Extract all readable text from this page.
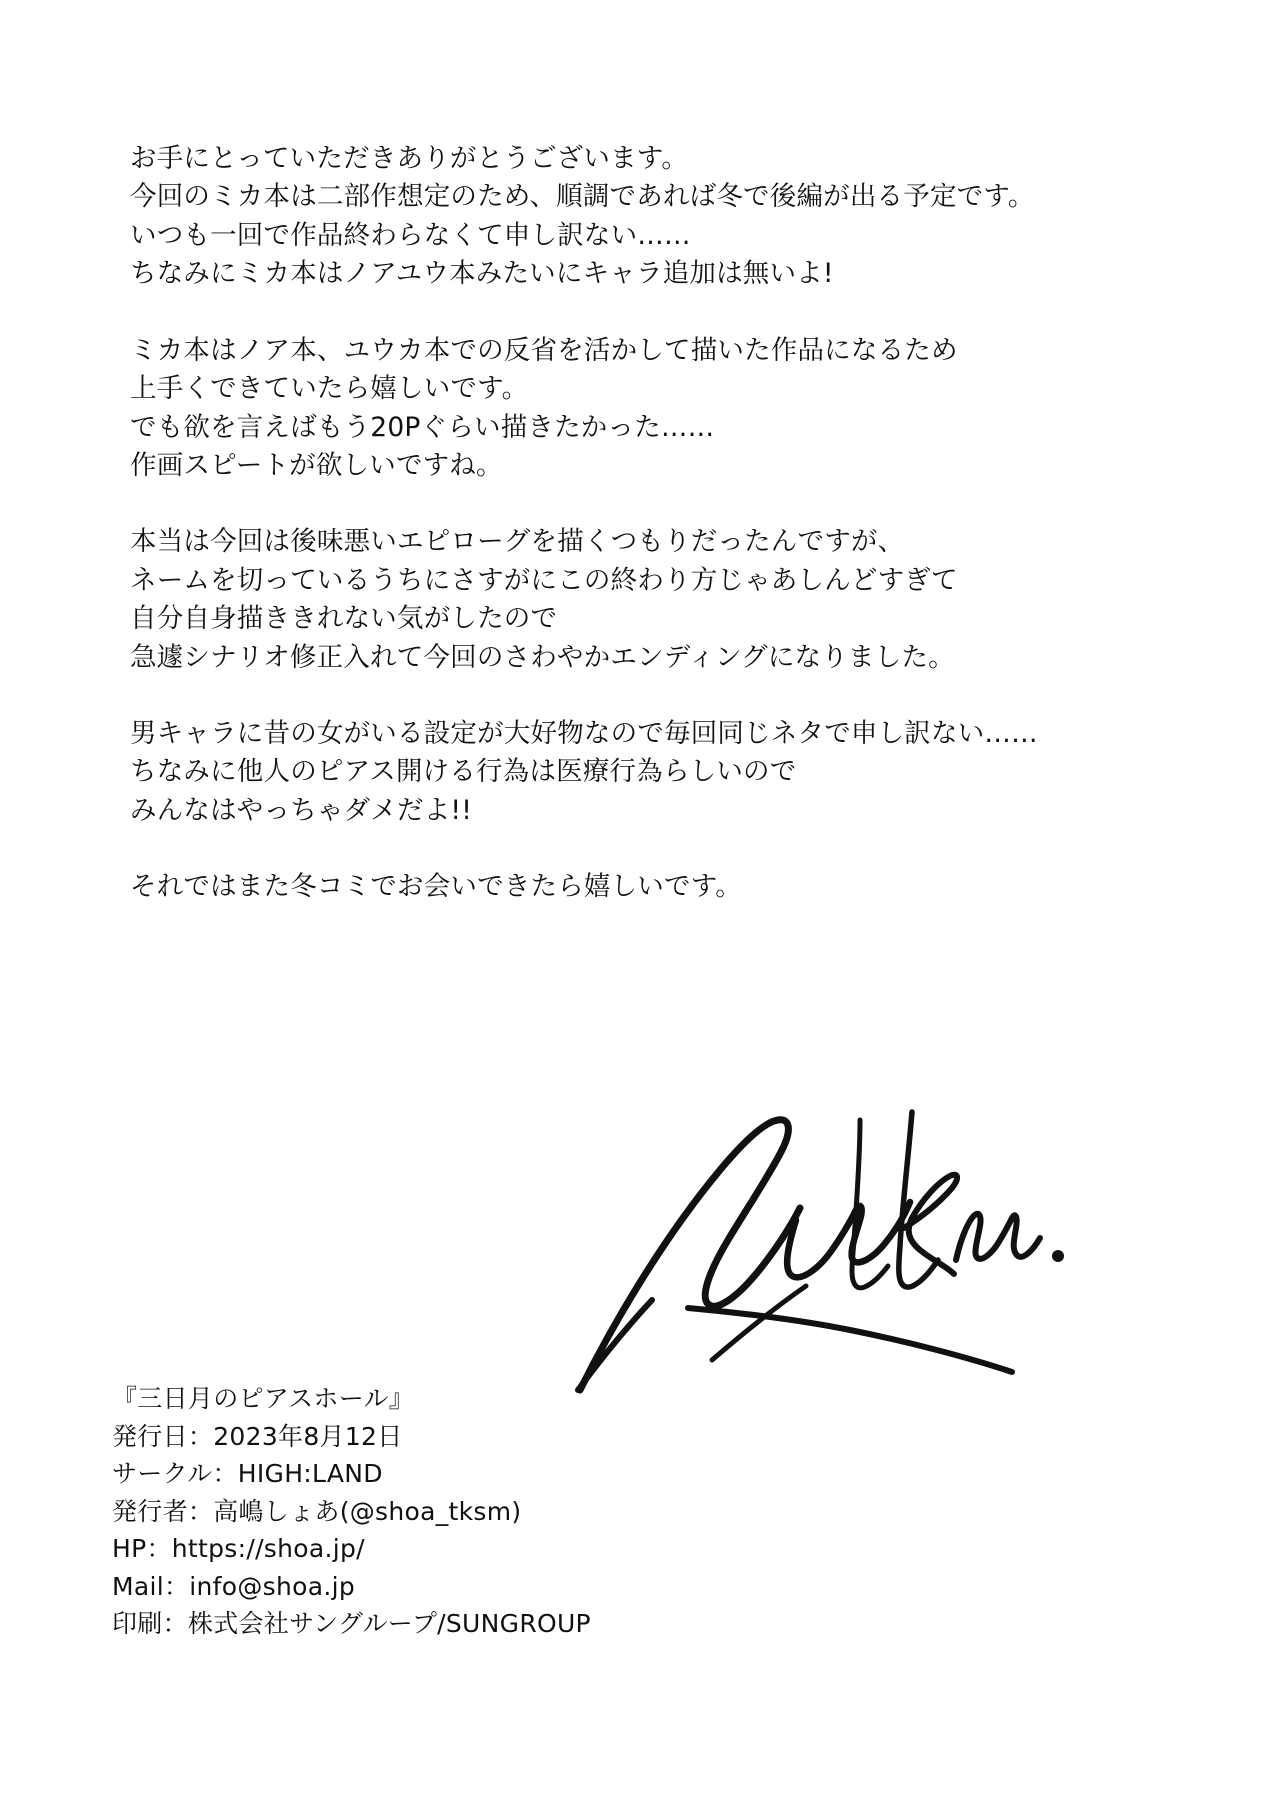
お手にとっていただきありがとうございます。
今回のミカ本は二部作想定のため、順調であれば冬で後編が出る予定です。
いつも一回で作品終わらなくて申し訳ない……
ちなみにミカ本はノアユウ本みたいにキャラ追加は無いよ!
ミカ本はノア本、ユウカ本での反省を活かして描いた作品になるため
上手くできていたら嬉しいです。
でも欲を言えばもう20Pぐらい描きたかった……
作画スピートが欲しいですね。
本当は今回は後味悪いエピローグを描くつもりだったんですが、
ネームを切っているうちにさすがにこの終わり方じゃあしんどすぎて
自分自身描ききれない気がしたので
急遽シナリオ修正入れて今回のさわやかエンディングになりました。
男キャラに昔の女がいる設定が大好物なので毎回同じネタで申し訳ない……
ちなみに他人のピアス開ける行為は医療行為らしいので
みんなはやっちゃダメだよ!!
それではまた冬コミでお会いできたら嬉しいです。
『三日月のピアスホール』
発行日：2023年8月12日
サークル：HIGH:LAND
発行者：高嶋しょあ(@shoa_tksm)
HP：https://shoa.jp/
Mail：info@shoa.jp
印刷：株式会社サングループ/SUNGROUP
